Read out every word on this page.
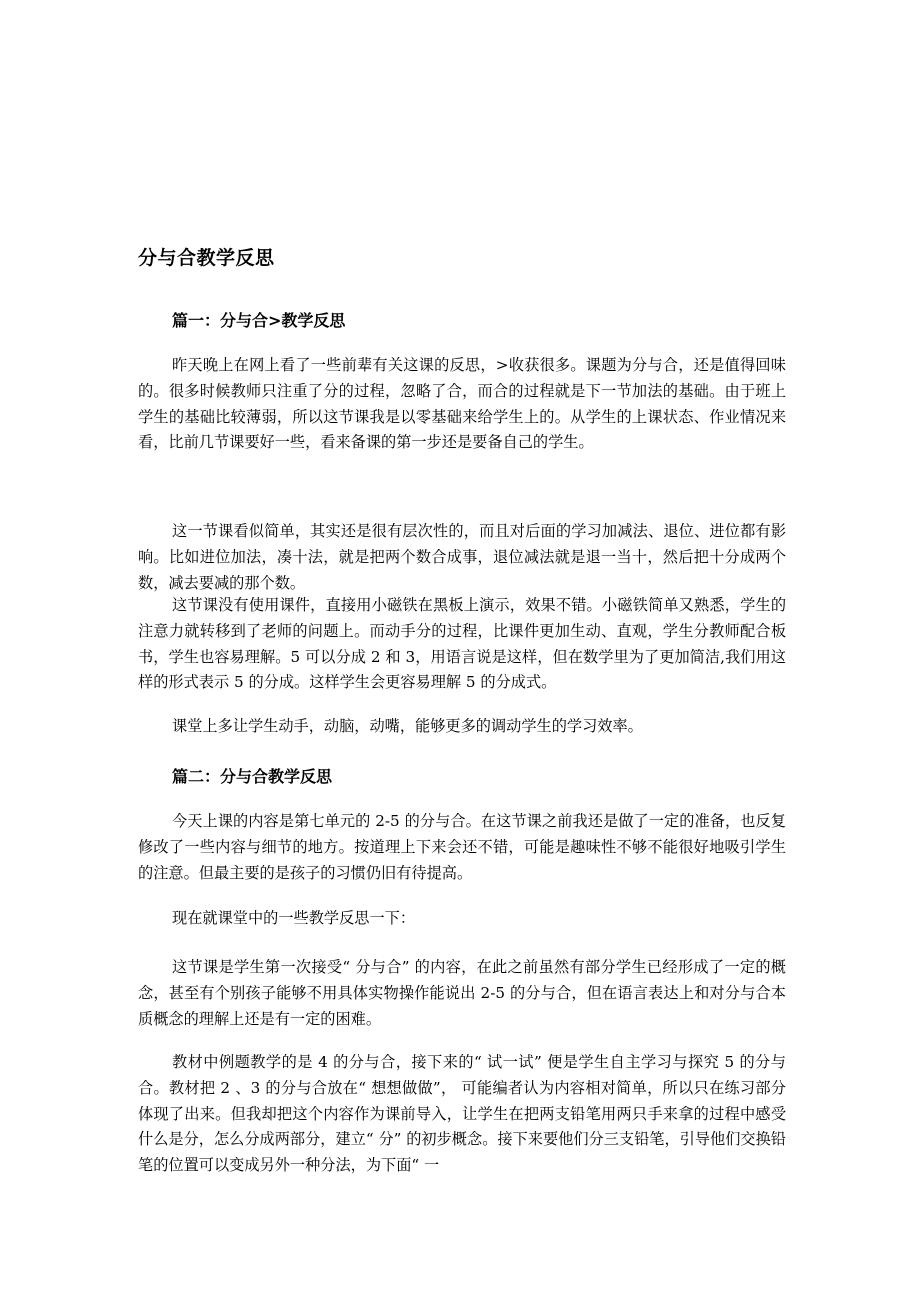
分与合教学反思
篇一：分与合>教学反思

昨天晚上在网上看了一些前辈有关这课的反思，>收获很多。课题为分与合，还是值得回味的。很多时候教师只注重了分的过程，忽略了合，而合的过程就是下一节加法的基础。由于班上学生的基础比较薄弱，所以这节课我是以零基础来给学生上的。从学生的上课状态、作业情况来看，比前几节课要好一些，看来备课的第一步还是要备自己的学生。

这一节课看似简单，其实还是很有层次性的，而且对后面的学习加减法、退位、进位都有影响。比如进位加法，凑十法，就是把两个数合成事，退位减法就是退一当十，然后把十分成两个数，减去要减的那个数。

这节课没有使用课件，直接用小磁铁在黑板上演示，效果不错。小磁铁简单又熟悉，学生的注意力就转移到了老师的问题上。而动手分的过程，比课件更加生动、直观，学生分教师配合板书，学生也容易理解。5 可以分成 2 和 3，用语言说是这样，但在数学里为了更加简洁,我们用这样的形式表示 5 的分成。这样学生会更容易理解 5 的分成式。

课堂上多让学生动手，动脑，动嘴，能够更多的调动学生的学习效率。

篇二：分与合教学反思

今天上课的内容是第七单元的 2-5 的分与合。在这节课之前我还是做了一定的准备，也反复修改了一些内容与细节的地方。按道理上下来会还不错，可能是趣味性不够不能很好地吸引学生的注意。但最主要的是孩子的习惯仍旧有待提高。

现在就课堂中的一些教学反思一下：

这节课是学生第一次接受“ 分与合” 的内容，在此之前虽然有部分学生已经形成了一定的概念，甚至有个别孩子能够不用具体实物操作能说出 2-5 的分与合，但在语言表达上和对分与合本质概念的理解上还是有一定的困难。

教材中例题教学的是 4 的分与合，接下来的“ 试一试” 便是学生自主学习与探究 5 的分与合。教材把 2 、3 的分与合放在“ 想想做做”， 可能编者认为内容相对简单，所以只在练习部分体现了出来。但我却把这个内容作为课前导入，让学生在把两支铅笔用两只手来拿的过程中感受什么是分，怎么分成两部分，建立“ 分” 的初步概念。接下来要他们分三支铅笔，引导他们交换铅笔的位置可以变成另外一种分法，为下面“ 一
